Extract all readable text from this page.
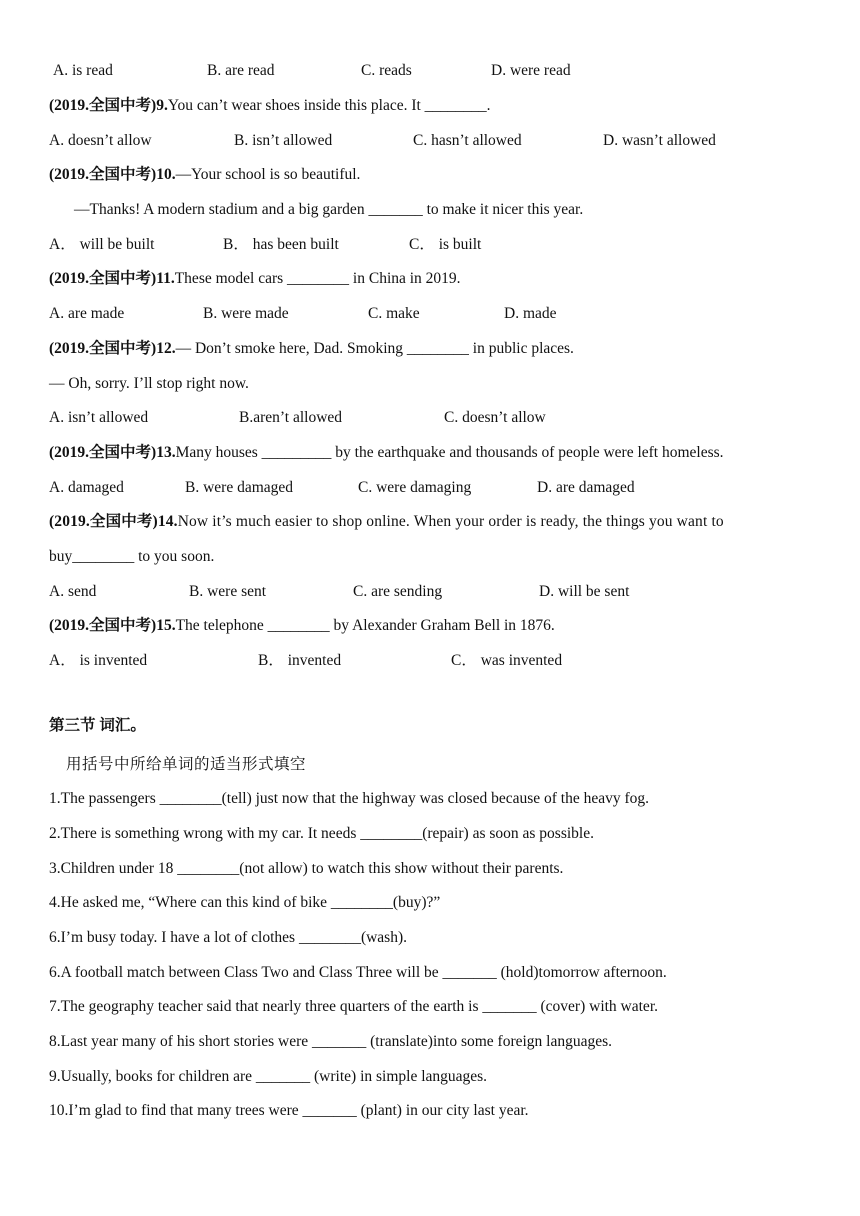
A. is read	B. are read	C. reads	D. were read
(2019.全国中考)9.You can’t wear shoes inside this place. It ________.
A. doesn’t allow	B. isn’t allowed	C. hasn’t allowed	D. wasn’t allowed
(2019.全国中考)10.—Your school is so beautiful.
—Thanks! A modern stadium and a big garden _______ to make it nicer this year.
A． will be built	B． has been built	C． is built
(2019.全国中考)11.These model cars ________ in China in 2019.
A. are made	B. were made	C. make	D. made
(2019.全国中考)12.— Don’t smoke here, Dad. Smoking ________ in public places.
— Oh, sorry. I’ll stop right now.
A. isn’t allowed	B.aren’t allowed	C. doesn’t allow
(2019.全国中考)13.Many houses _________ by the earthquake and thousands of people were left homeless.
A. damaged	B. were damaged	C. were damaging	D. are damaged
(2019.全国中考)14.Now it’s much easier to shop online. When your order is ready, the things you want to
buy________ to you soon.
A. send	B. were sent	C. are sending	D. will be sent
(2019.全国中考)15.The telephone ________ by Alexander Graham Bell in 1876.
A． is invented	B． invented	C． was invented
第三节 词汇。
用括号中所给单词的适当形式填空
1.The passengers ________(tell) just now that the highway was closed because of the heavy fog.
2.There is something wrong with my car. It needs ________(repair) as soon as possible.
3.Children under 18 ________(not allow) to watch this show without their parents.
4.He asked me, “Where can this kind of bike ________(buy)?”
6.I’m busy today. I have a lot of clothes ________(wash).
6.A football match between Class Two and Class Three will be _______ (hold)tomorrow afternoon.
7.The geography teacher said that nearly three quarters of the earth is _______ (cover) with water.
8.Last year many of his short stories were _______ (translate)into some foreign languages.
9.Usually, books for children are _______ (write) in simple languages.
10.I’m glad to find that many trees were _______ (plant) in our city last year.
